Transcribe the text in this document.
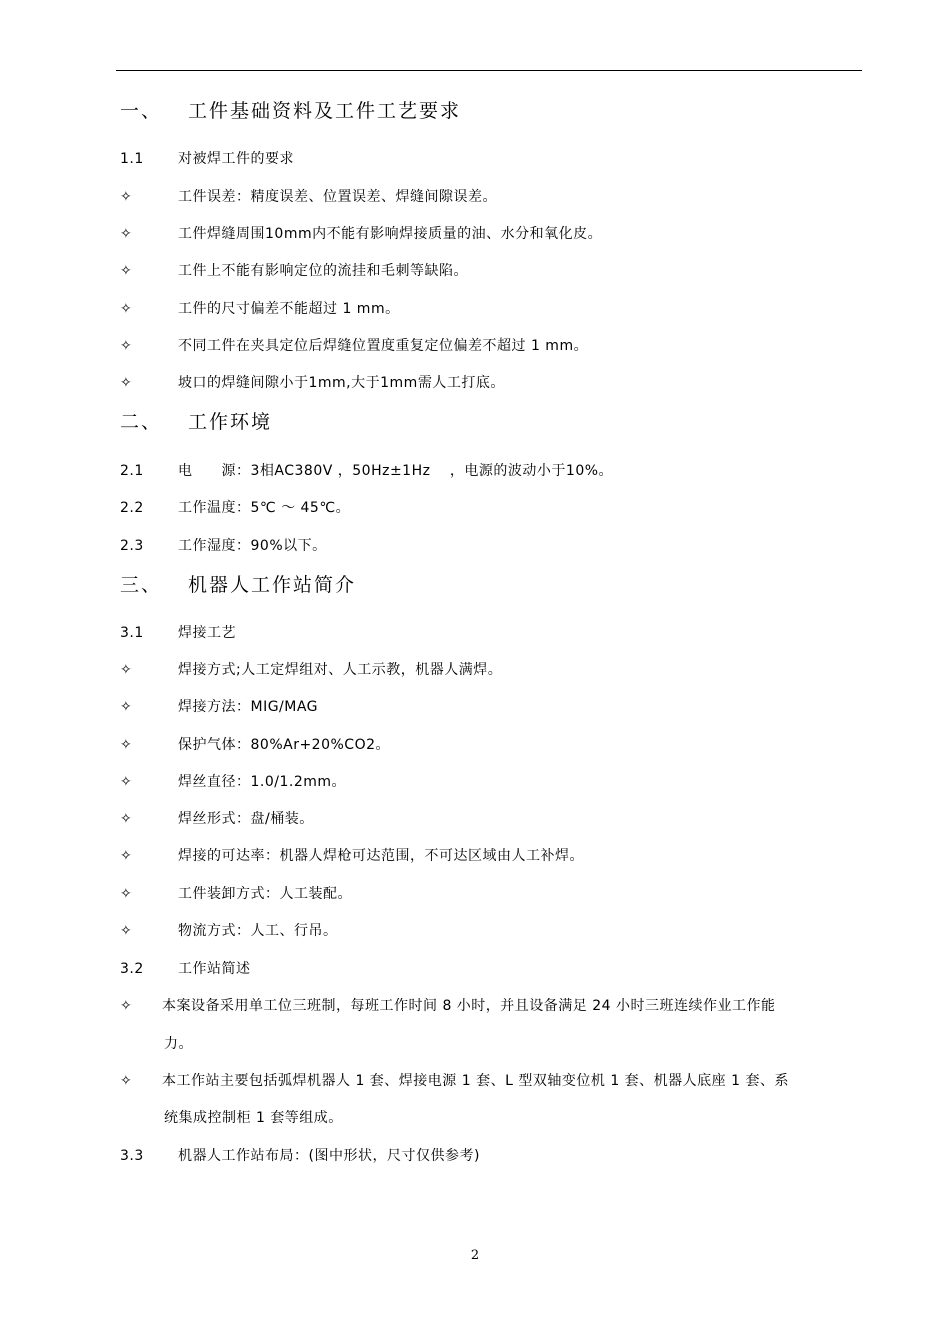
一、 工件基础资料及工件工艺要求
1.1 对被焊工件的要求
✧	工件误差：精度误差、位置误差、焊缝间隙误差。
✧	工件焊缝周围10mm内不能有影响焊接质量的油、水分和氧化皮。
✧	工件上不能有影响定位的流挂和毛刺等缺陷。
✧	工件的尺寸偏差不能超过 1 mm。
✧	不同工件在夹具定位后焊缝位置度重复定位偏差不超过 1 mm。
✧	坡口的焊缝间隙小于1mm,大于1mm需人工打底。
二、 工作环境
2.1 电　　源：3相AC380V ，50Hz±1Hz　 ，电源的波动小于10%。
2.2 工作温度：5℃ ～ 45℃。
2.3 工作湿度：90%以下。
三、 机器人工作站简介
3.1 焊接工艺
✧	焊接方式;人工定焊组对、人工示教，机器人满焊。
✧	焊接方法：MIG/MAG
✧	保护气体：80%Ar+20%CO2。
✧	焊丝直径：1.0/1.2mm。
✧	焊丝形式：盘/桶装。
✧	焊接的可达率：机器人焊枪可达范围，不可达区域由人工补焊。
✧	工件装卸方式：人工装配。
✧	物流方式：人工、行吊。
3.2 工作站简述
✧ 本案设备采用单工位三班制，每班工作时间 8 小时，并且设备满足 24 小时三班连续作业工作能
力。
✧ 本工作站主要包括弧焊机器人 1 套、焊接电源 1 套、L 型双轴变位机 1 套、机器人底座 1 套、系
统集成控制柜 1 套等组成。
3.3 机器人工作站布局：(图中形状，尺寸仅供参考)
2
